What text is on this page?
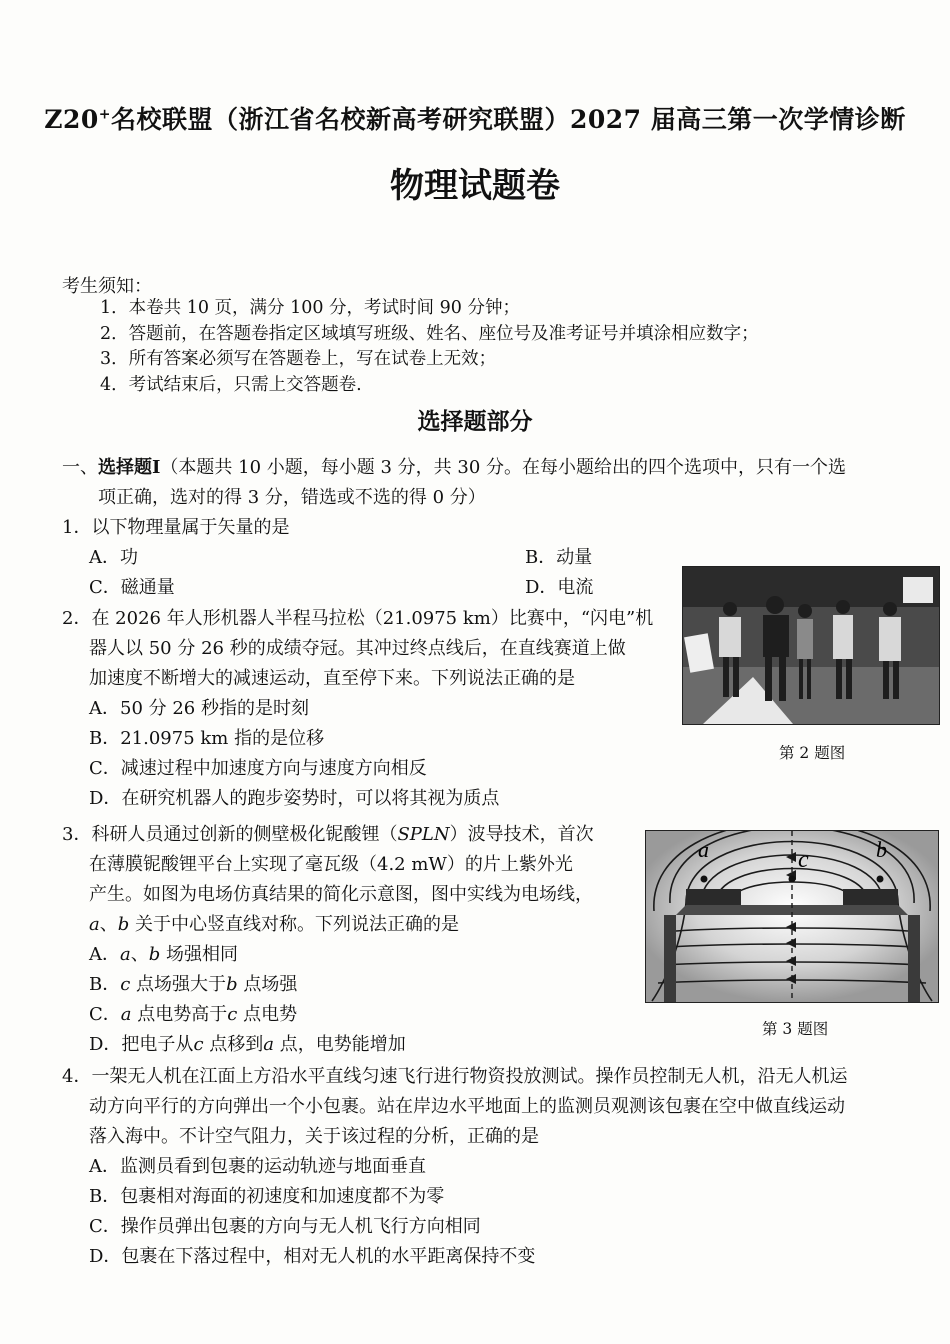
Z20+名校联盟（浙江省名校新高考研究联盟）2027 届高三第一次学情诊断
物理试题卷
考生须知：
1．本卷共 10 页，满分 100 分，考试时间 90 分钟；
2．答题前，在答题卷指定区域填写班级、姓名、座位号及准考证号并填涂相应数字；
3．所有答案必须写在答题卷上，写在试卷上无效；
4．考试结束后，只需上交答题卷.
选择题部分
一、选择题Ⅰ（本题共 10 小题，每小题 3 分，共 30 分。在每小题给出的四个选项中，只有一个选
项正确，选对的得 3 分，错选或不选的得 0 分）
1．以下物理量属于矢量的是
A．功	B．动量
C．磁通量	D．电流
2．在 2026 年人形机器人半程马拉松（21.0975 km）比赛中，“闪电”机
器人以 50 分 26 秒的成绩夺冠。其冲过终点线后，在直线赛道上做
加速度不断增大的减速运动，直至停下来。下列说法正确的是
A．50 分 26 秒指的是时刻
B．21.0975 km 指的是位移
C．减速过程中加速度方向与速度方向相反
D．在研究机器人的跑步姿势时，可以将其视为质点
第 2 题图
3．科研人员通过创新的侧壁极化铌酸锂（SPLN）波导技术，首次
在薄膜铌酸锂平台上实现了毫瓦级（4.2 mW）的片上紫外光
产生。如图为电场仿真结果的简化示意图，图中实线为电场线，
a、b 关于中心竖直线对称。下列说法正确的是
A．a、b 场强相同
B．c 点场强大于b 点场强
C．a 点电势高于c 点电势
D．把电子从c 点移到a 点，电势能增加
a	b
c
第 3 题图
4．一架无人机在江面上方沿水平直线匀速飞行进行物资投放测试。操作员控制无人机，沿无人机运
动方向平行的方向弹出一个小包裹。站在岸边水平地面上的监测员观测该包裹在空中做直线运动
落入海中。不计空气阻力，关于该过程的分析，正确的是
A．监测员看到包裹的运动轨迹与地面垂直
B．包裹相对海面的初速度和加速度都不为零
C．操作员弹出包裹的方向与无人机飞行方向相同
D．包裹在下落过程中，相对无人机的水平距离保持不变
